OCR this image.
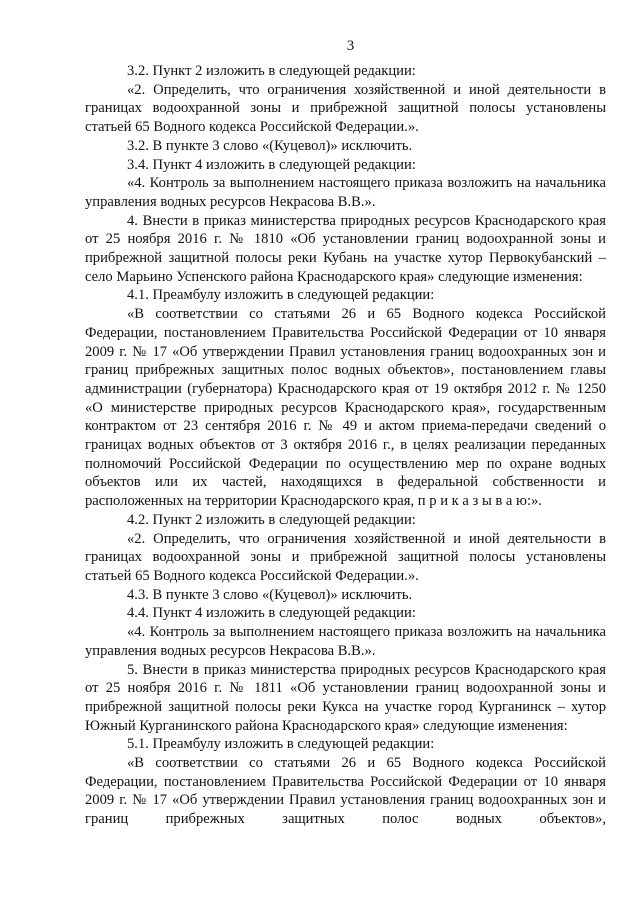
3

3.2. Пункт 2 изложить в следующей редакции:

«2. Определить, что ограничения хозяйственной и иной деятельности в границах водоохранной зоны и прибрежной защитной полосы установлены статьей 65 Водного кодекса Российской Федерации.».

3.2. В пункте 3 слово «(Куцевол)» исключить.

3.4. Пункт 4 изложить в следующей редакции:

«4. Контроль за выполнением настоящего приказа возложить на начальника управления водных ресурсов Некрасова В.В.».

4. Внести в приказ министерства природных ресурсов Краснодарского края от 25 ноября 2016 г. № 1810 «Об установлении границ водоохранной зоны и прибрежной защитной полосы реки Кубань на участке хутор Первокубанский – село Марьино Успенского района Краснодарского края» следующие изменения:

4.1. Преамбулу изложить в следующей редакции:

«В соответствии со статьями 26 и 65 Водного кодекса Российской Федерации, постановлением Правительства Российской Федерации от 10 января 2009 г. № 17 «Об утверждении Правил установления границ водоохранных зон и границ прибрежных защитных полос водных объектов», постановлением главы администрации (губернатора) Краснодарского края от 19 октября 2012 г. № 1250 «О министерстве природных ресурсов Краснодарского края», государственным контрактом от 23 сентября 2016 г. № 49 и актом приема-передачи сведений о границах водных объектов от 3 октября 2016 г., в целях реализации переданных полномочий Российской Федерации по осуществлению мер по охране водных объектов или их частей, находящихся в федеральной собственности и расположенных на территории Краснодарского края, п р и к а з ы в а ю:».

4.2. Пункт 2 изложить в следующей редакции:

«2. Определить, что ограничения хозяйственной и иной деятельности в границах водоохранной зоны и прибрежной защитной полосы установлены статьей 65 Водного кодекса Российской Федерации.».

4.3. В пункте 3 слово «(Куцевол)» исключить.

4.4. Пункт 4 изложить в следующей редакции:

«4. Контроль за выполнением настоящего приказа возложить на начальника управления водных ресурсов Некрасова В.В.».

5. Внести в приказ министерства природных ресурсов Краснодарского края от 25 ноября 2016 г. № 1811 «Об установлении границ водоохранной зоны и прибрежной защитной полосы реки Кукса на участке город Курганинск – хутор Южный Курганинского района Краснодарского края» следующие изменения:

5.1. Преамбулу изложить в следующей редакции:

«В соответствии со статьями 26 и 65 Водного кодекса Российской Федерации, постановлением Правительства Российской Федерации от 10 января 2009 г. № 17 «Об утверждении Правил установления границ водоохранных зон и границ прибрежных защитных полос водных объектов»,
